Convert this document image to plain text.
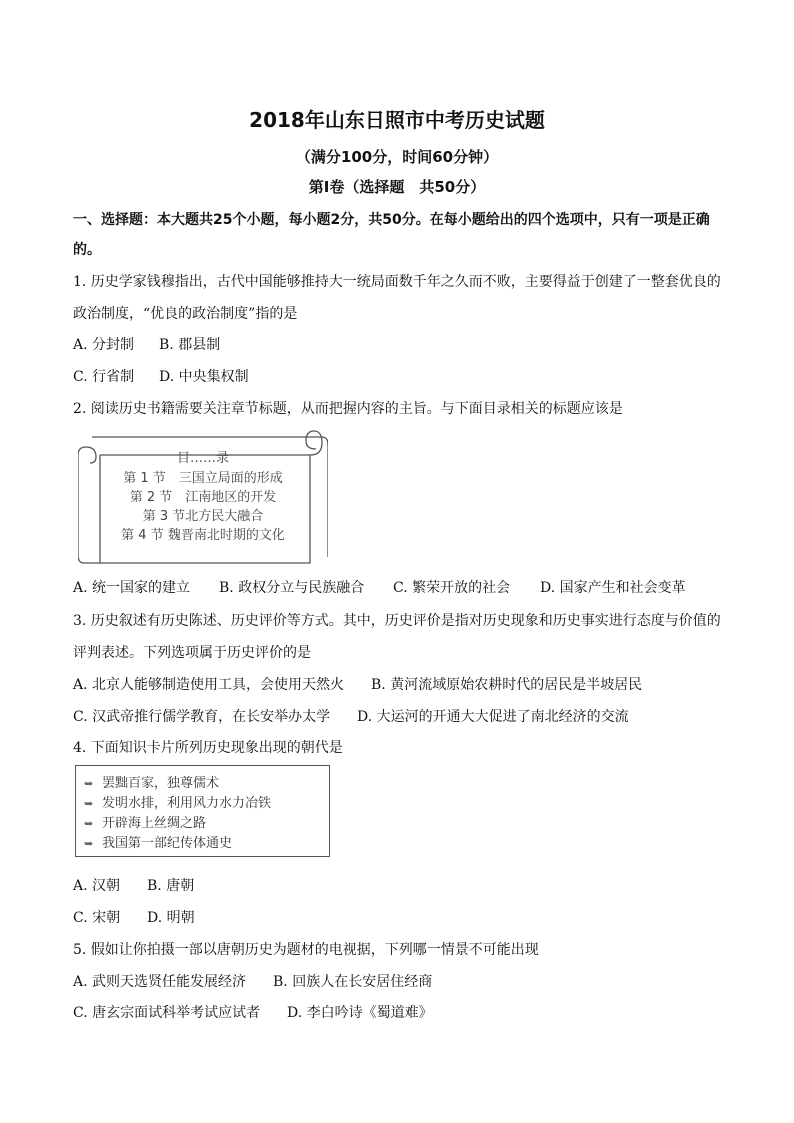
2018年山东日照市中考历史试题
（满分100分，时间60分钟）
第Ⅰ卷（选择题　共50分）
一、选择题：本大题共25个小题，每小题2分，共50分。在每小题给出的四个选项中，只有一项是正确
的。
1. 历史学家钱穆指出，古代中国能够推持大一统局面数千年之久而不败，主要得益于创建了一整套优良的
政治制度，“优良的政治制度”指的是
A. 分封制 B. 郡县制
C. 行省制 D. 中央集权制
2. 阅读历史书籍需要关注章节标题，从而把握内容的主旨。与下面目录相关的标题应该是
目……录
第 1 节　三国立局面的形成
第 2 节　江南地区的开发
第 3 节北方民大融合
第 4 节 魏晋南北时期的文化
A. 统一国家的建立 B. 政权分立与民族融合 C. 繁荣开放的社会 D. 国家产生和社会变革
3. 历史叙述有历史陈述、历史评价等方式。其中，历史评价是指对历史现象和历史事实进行态度与价值的
评判表述。下列选项属于历史评价的是
A. 北京人能够制造使用工具，会使用天然火 B. 黄河流域原始农耕时代的居民是半坡居民
C. 汉武帝推行儒学教育，在长安举办太学 D. 大运河的开通大大促进了南北经济的交流
4. 下面知识卡片所列历史现象出现的朝代是
➥ 罢黜百家，独尊儒术
➥ 发明水排，利用风力水力冶铁
➥ 开辟海上丝绸之路
➥ 我国第一部纪传体通史
A. 汉朝 B. 唐朝
C. 宋朝 D. 明朝
5. 假如让你拍摄一部以唐朝历史为题材的电视据，下列哪一情景不可能出现
A. 武则天选贤任能发展经济 B. 回族人在长安居住经商
C. 唐玄宗面试科举考试应试者 D. 李白吟诗《蜀道难》
